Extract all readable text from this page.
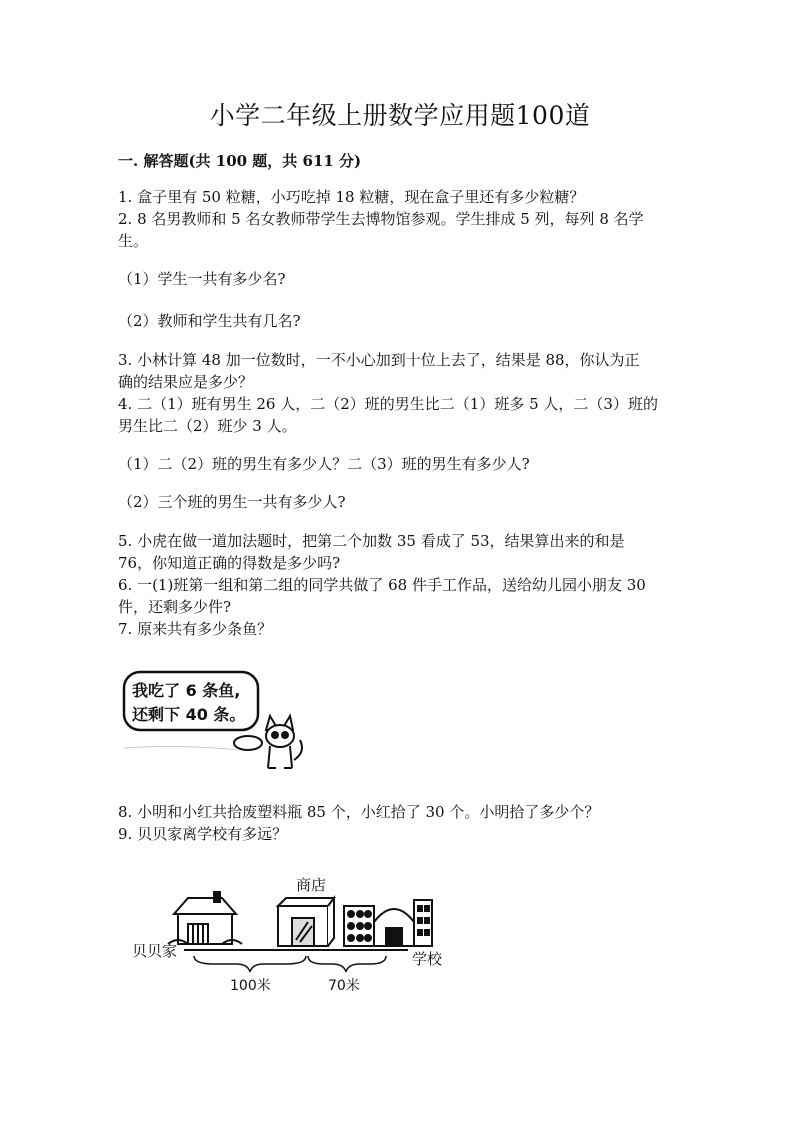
小学二年级上册数学应用题100道
一. 解答题(共 100 题，共 611 分)
1. 盒子里有 50 粒糖，小巧吃掉 18 粒糖，现在盒子里还有多少粒糖？
2. 8 名男教师和 5 名女教师带学生去博物馆参观。学生排成 5 列，每列 8 名学
生。
（1）学生一共有多少名?
（2）教师和学生共有几名?
3. 小林计算 48 加一位数时，一不小心加到十位上去了，结果是 88，你认为正
确的结果应是多少？
4. 二（1）班有男生 26 人，二（2）班的男生比二（1）班多 5 人，二（3）班的
男生比二（2）班少 3 人。
（1）二（2）班的男生有多少人？二（3）班的男生有多少人?
（2）三个班的男生一共有多少人?
5. 小虎在做一道加法题时，把第二个加数 35 看成了 53，结果算出来的和是
76，你知道正确的得数是多少吗?
6. 一(1)班第一组和第二组的同学共做了 68 件手工作品，送给幼儿园小朋友 30
件，还剩多少件?
7. 原来共有多少条鱼？
我吃了 6 条鱼,
还剩下 40 条。
8. 小明和小红共拾废塑料瓶 85 个，小红拾了 30 个。小明拾了多少个？
9. 贝贝家离学校有多远？
商店
贝贝家	学校
100米	70米
